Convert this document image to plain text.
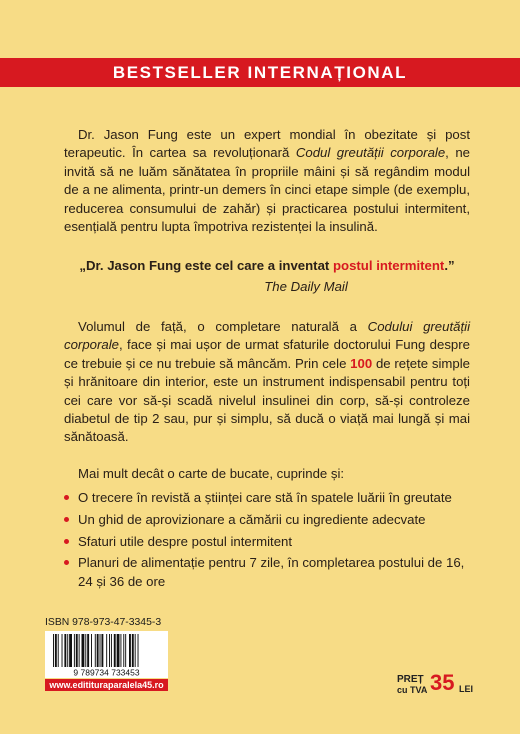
BESTSELLER INTERNAȚIONAL

Dr. Jason Fung este un expert mondial în obezitate și post terapeutic. În cartea sa revoluționară Codul greutății corporale, ne invită să ne luăm sănătatea în propriile mâini și să regândim modul de a ne alimenta, printr-un demers în cinci etape simple (de exemplu, reducerea consumului de zahăr) și practicarea postului intermitent, esențială pentru lupta împotriva rezistenței la insulină.

„Dr. Jason Fung este cel care a inventat postul intermitent.”
The Daily Mail

Volumul de față, o completare naturală a Codului greutății corporale, face și mai ușor de urmat sfaturile doctorului Fung despre ce trebuie și ce nu trebuie să mâncăm. Prin cele 100 de rețete simple și hrănitoare din interior, este un instrument indispensabil pentru toți cei care vor să-și scadă nivelul insulinei din corp, să-și controleze diabetul de tip 2 sau, pur și simplu, să ducă o viață mai lungă și mai sănătoasă.

Mai mult decât o carte de bucate, cuprinde și:

O trecere în revistă a științei care stă în spatele luării în greutate
Un ghid de aprovizionare a cămării cu ingrediente adecvate
Sfaturi utile despre postul intermitent
Planuri de alimentație pentru 7 zile, în completarea postului de 16, 24 și 36 de ore
ISBN 978-973-47-3345-3
9 789734 733453
www.editituraparalela45.ro	PREȚ
cu TVA 35 LEI
